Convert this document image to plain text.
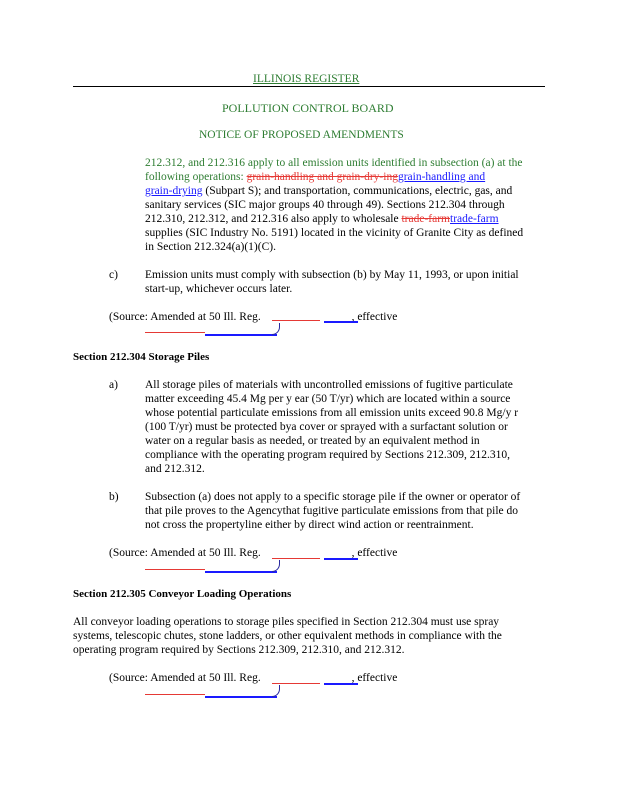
ILLINOIS REGISTER
POLLUTION CONTROL BOARD
NOTICE OF PROPOSED AMENDMENTS
212.312, and 212.316 apply to all emission units identified in subsection (a) at the
following operations: grain-handling and grain-dry-inggrain-handling and
grain-drying (Subpart S); and transportation, communications, electric, gas, and
sanitary services (SIC major groups 40 through 49). Sections 212.304 through
212.310, 212.312, and 212.316 also apply to wholesale trade-farmtrade-farm
supplies (SIC Industry No. 5191) located in the vicinity of Granite City as defined
in Section 212.324(a)(1)(C).
c) Emission units must comply with subsection (b) by May 11, 1993, or upon initial
start-up, whichever occurs later.
(Source: Amended at 50 Ill. Reg.	, effective
Section 212.304 Storage Piles
a) All storage piles of materials with uncontrolled emissions of fugitive particulate
matter exceeding 45.4 Mg per y ear (50 T/yr) which are located within a source
whose potential particulate emissions from all emission units exceed 90.8 Mg/y r
(100 T/yr) must be protected bya cover or sprayed with a surfactant solution or
water on a regular basis as needed, or treated by an equivalent method in
compliance with the operating program required by Sections 212.309, 212.310,
and 212.312.
b) Subsection (a) does not apply to a specific storage pile if the owner or operator of
that pile proves to the Agencythat fugitive particulate emissions from that pile do
not cross the propertyline either by direct wind action or reentrainment.
(Source: Amended at 50 Ill. Reg.	, effective
Section 212.305 Conveyor Loading Operations
All conveyor loading operations to storage piles specified in Section 212.304 must use spray
systems, telescopic chutes, stone ladders, or other equivalent methods in compliance with the
operating program required by Sections 212.309, 212.310, and 212.312.
(Source: Amended at 50 Ill. Reg.	, effective
